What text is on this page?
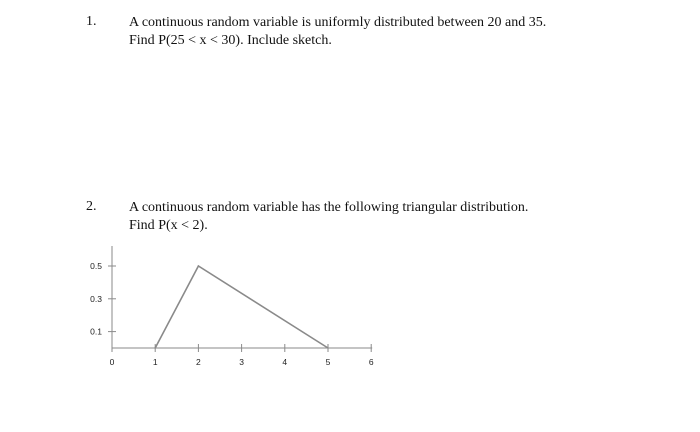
1. A continuous random variable is uniformly distributed between 20 and 35.
Find P(25 < x < 30). Include sketch.
2. A continuous random variable has the following triangular distribution.
Find P(x < 2).
0.1
0.3
0.5
0	1	2	3	4	5	6
